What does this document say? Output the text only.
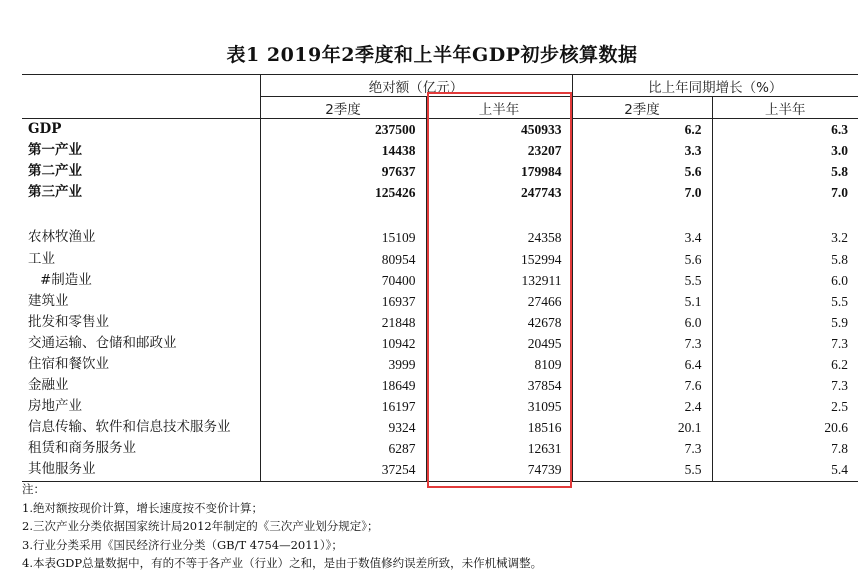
表1 2019年2季度和上半年GDP初步核算数据
	绝对额（亿元）		比上年同期增长（%）	
	2季度	上半年	2季度	上半年
GDP	237500	450933	6.2	6.3
第一产业	14438	23207	3.3	3.0
第二产业	97637	179984	5.6	5.8
第三产业	125426	247743	7.0	7.0

农林牧渔业	15109	24358	3.4	3.2
工业	80954	152994	5.6	5.8
#制造业	70400	132911	5.5	6.0
建筑业	16937	27466	5.1	5.5
批发和零售业	21848	42678	6.0	5.9
交通运输、仓储和邮政业	10942	20495	7.3	7.3
住宿和餐饮业	3999	8109	6.4	6.2
金融业	18649	37854	7.6	7.3
房地产业	16197	31095	2.4	2.5
信息传输、软件和信息技术服务业	9324	18516	20.1	20.6
租赁和商务服务业	6287	12631	7.3	7.8
其他服务业	37254	74739	5.5	5.4
注：
1.绝对额按现价计算，增长速度按不变价计算；
2.三次产业分类依据国家统计局2012年制定的《三次产业划分规定》；
3.行业分类采用《国民经济行业分类（GB/T 4754—2011）》；
4.本表GDP总量数据中，有的不等于各产业（行业）之和，是由于数值修约误差所致，未作机械调整。
